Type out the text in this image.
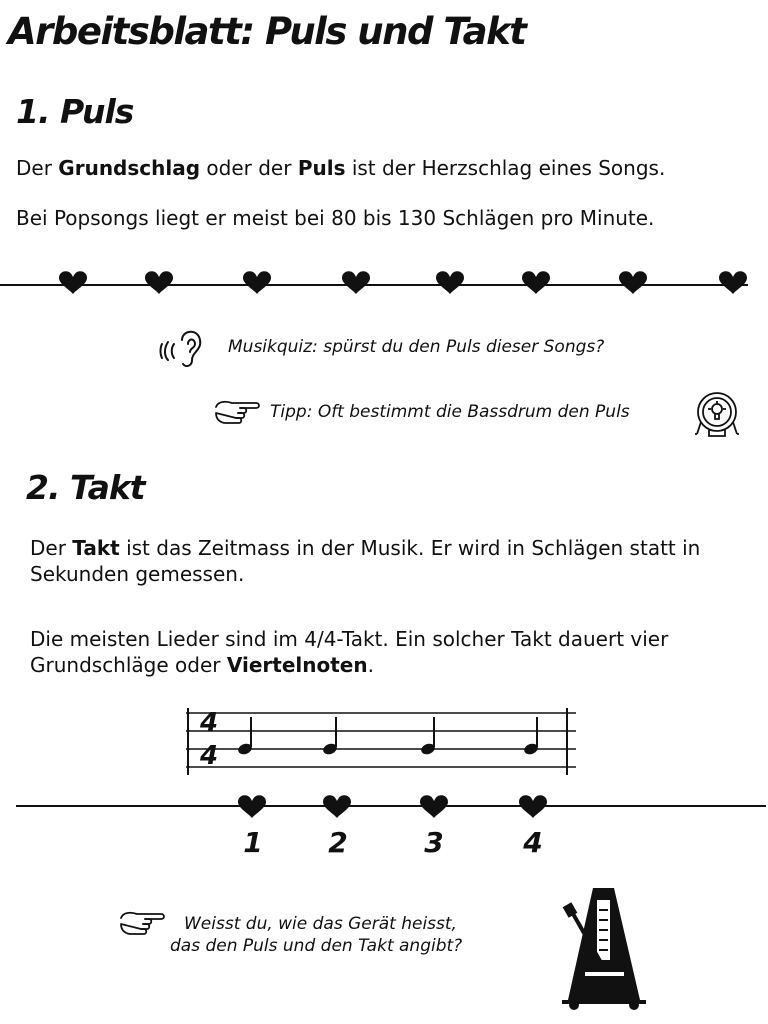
Arbeitsblatt: Puls und Takt
1. Puls
Der Grundschlag oder der Puls ist der Herzschlag eines Songs.
Bei Popsongs liegt er meist bei 80 bis 130 Schlägen pro Minute.
4
4
Musikquiz: spürst du den Puls dieser Songs?
Tipp: Oft bestimmt die Bassdrum den Puls
2. Takt
Der Takt ist das Zeitmass in der Musik. Er wird in Schlägen statt in Sekunden gemessen.
Die meisten Lieder sind im 4/4-Takt. Ein solcher Takt dauert vier Grundschläge oder Viertelnoten.
1	2	3	4
Weisst du, wie das Gerät heisst,
das den Puls und den Takt angibt?
